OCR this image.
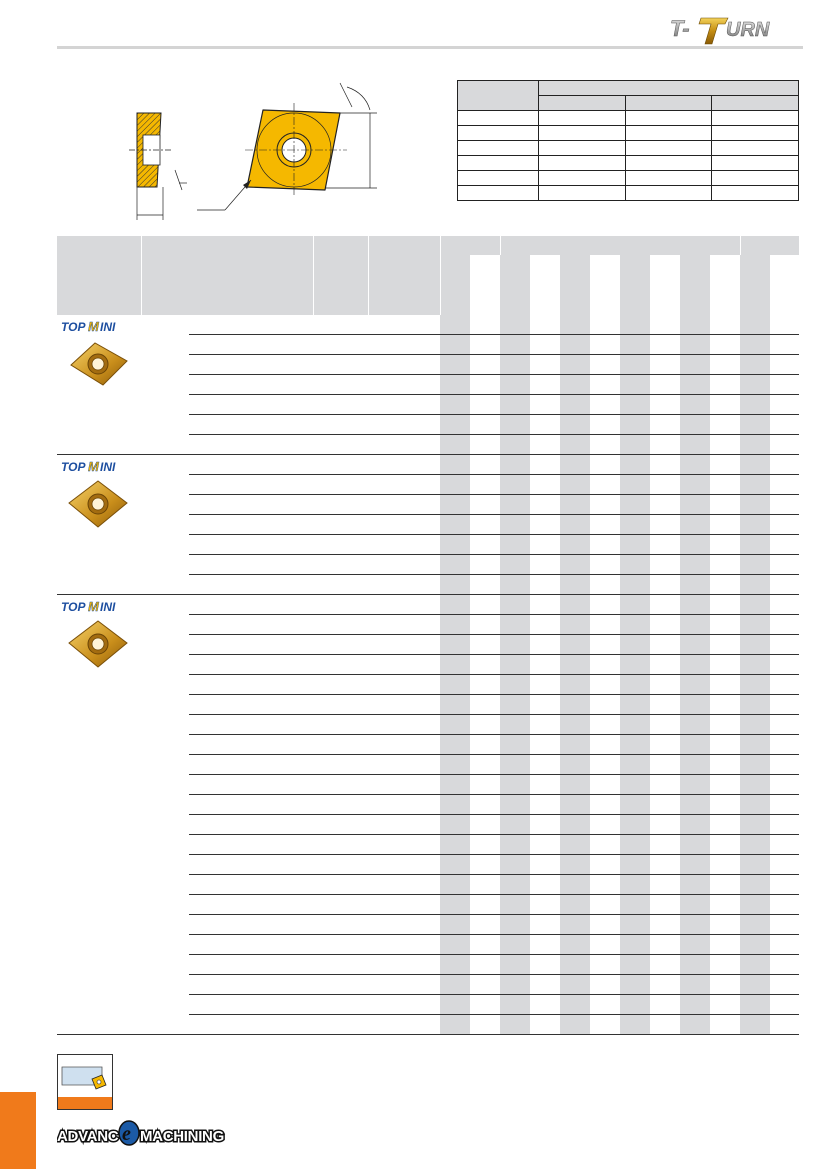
T- URN

TOP M INI																

TOP M INI																

TOP M INI																

ADVANC e MACHINING
